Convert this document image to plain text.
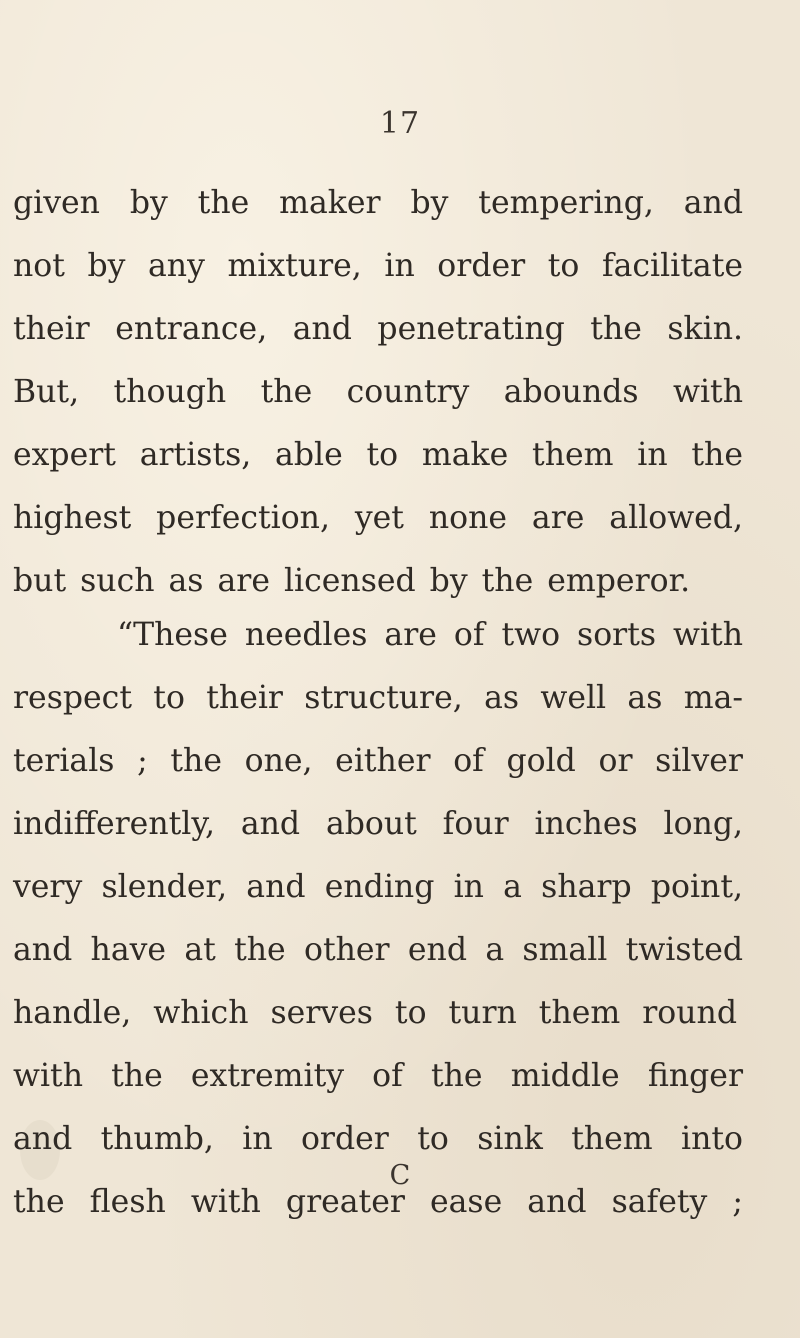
17
given by the maker by tempering, and
not by any mixture, in order to facilitate
their entrance, and penetrating the skin.
But, though the country abounds with
expert artists, able to make them in the
highest perfection, yet none are allowed,
but such as are licensed by the emperor.
“These needles are of two sorts with
respect to their structure, as well as ma-
terials ; the one, either of gold or silver
indifferently, and about four inches long,
very slender, and ending in a sharp point,
and have at the other end a small twisted
handle, which serves to turn them round
with the extremity of the middle finger
and thumb, in order to sink them into
the flesh with greater ease and safety ;
C
